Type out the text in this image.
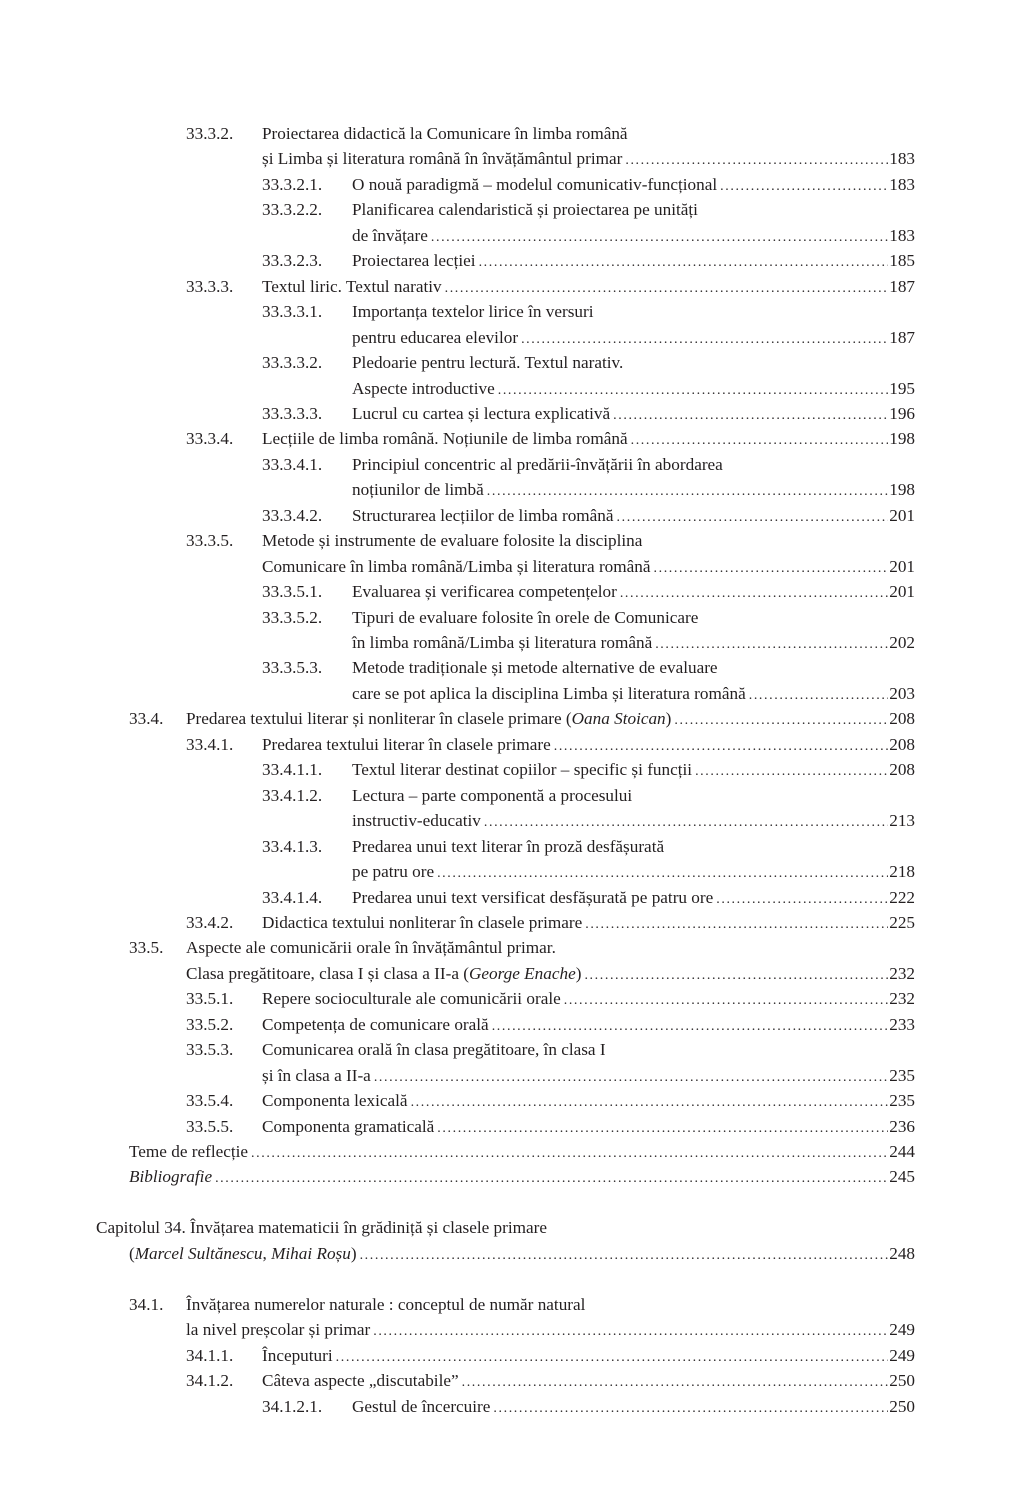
33.3.2. Proiectarea didactică la Comunicare în limba română
și Limba și literatura română în învățământul primar .....	183
33.3.2.1. O nouă paradigmă – modelul comunicativ-funcțional .....	183
33.3.2.2. Planificarea calendaristică și proiectarea pe unități
de învățare .....	183
33.3.2.3. Proiectarea lecției .....	185
33.3.3. Textul liric. Textul narativ .....	187
33.3.3.1. Importanța textelor lirice în versuri
pentru educarea elevilor .....	187
33.3.3.2. Pledoarie pentru lectură. Textul narativ.
Aspecte introductive .....	195
33.3.3.3. Lucrul cu cartea și lectura explicativă .....	196
33.3.4. Lecțiile de limba română. Noțiunile de limba română .....	198
33.3.4.1. Principiul concentric al predării-învățării în abordarea
noțiunilor de limbă .....	198
33.3.4.2. Structurarea lecțiilor de limba română .....	201
33.3.5. Metode și instrumente de evaluare folosite la disciplina
Comunicare în limba română/Limba și literatura română .....	201
33.3.5.1. Evaluarea și verificarea competențelor .....	201
33.3.5.2. Tipuri de evaluare folosite în orele de Comunicare
în limba română/Limba și literatura română .....	202
33.3.5.3. Metode tradiționale și metode alternative de evaluare
care se pot aplica la disciplina Limba și literatura română .....	203
33.4. Predarea textului literar și nonliterar în clasele primare (Oana Stoican) .....	208
33.4.1. Predarea textului literar în clasele primare .....	208
33.4.1.1. Textul literar destinat copiilor – specific și funcții .....	208
33.4.1.2. Lectura – parte componentă a procesului
instructiv-educativ .....	213
33.4.1.3. Predarea unui text literar în proză desfășurată
pe patru ore .....	218
33.4.1.4. Predarea unui text versificat desfășurată pe patru ore .....	222
33.4.2. Didactica textului nonliterar în clasele primare .....	225
33.5. Aspecte ale comunicării orale în învățământul primar.
Clasa pregătitoare, clasa I și clasa a II-a (George Enache) .....	232
33.5.1. Repere socioculturale ale comunicării orale .....	232
33.5.2. Competența de comunicare orală .....	233
33.5.3. Comunicarea orală în clasa pregătitoare, în clasa I
și în clasa a II-a .....	235
33.5.4. Componenta lexicală .....	235
33.5.5. Componenta gramaticală .....	236
Teme de reflecție .....	244
Bibliografie .....	245
Capitolul 34. Învățarea matematicii în grădiniță și clasele primare
(Marcel Sultănescu, Mihai Roșu) .....	248
34.1. Învățarea numerelor naturale : conceptul de număr natural
la nivel preșcolar și primar .....	249
34.1.1. Începuturi .....	249
34.1.2. Câteva aspecte „discutabile” .....	250
34.1.2.1. Gestul de încercuire .....	250
